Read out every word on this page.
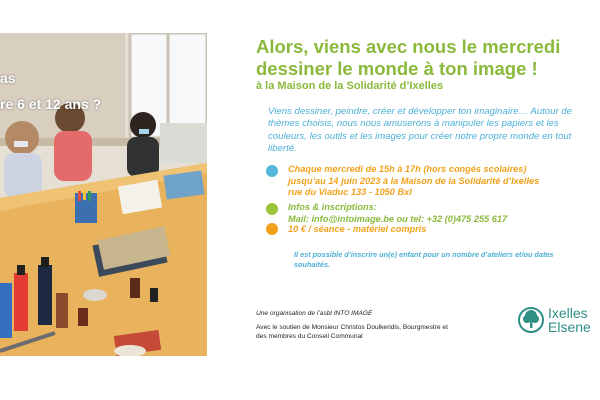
as
re 6 et 12 ans ?
Alors, viens avec nous le mercredi dessiner le monde à ton image !

à la Maison de la Solidarité d’Ixelles

Viens dessiner, peindre, créer et développer ton imaginaire… Autour de thèmes choisis, nous nous amuserons à manipuler les papiers et les couleurs, les outils et les images pour créer notre propre monde en tout liberté.

Chaque mercredi de 15h à 17h (hors congés scolaires)
jusqu’au 14 juin 2023 à la Maison de la Solidarité d’Ixelles
rue du Viaduc 133 - 1050 Bxl
Infos & inscriptions:
Mail: info@intoimage.be ou tel: +32 (0)475 255 617
10 € / séance - matériel compris

Il est possible d’inscrire un(e) enfant pour un nombre d’ateliers et/ou dates souhaités.

Une organisation de l’asbl INTO IMAGE

Avec le soutien de Monsieur Christos Doulkeridis, Bourgmestre et des membres du Conseil Communal

Ixelles
Elsene
